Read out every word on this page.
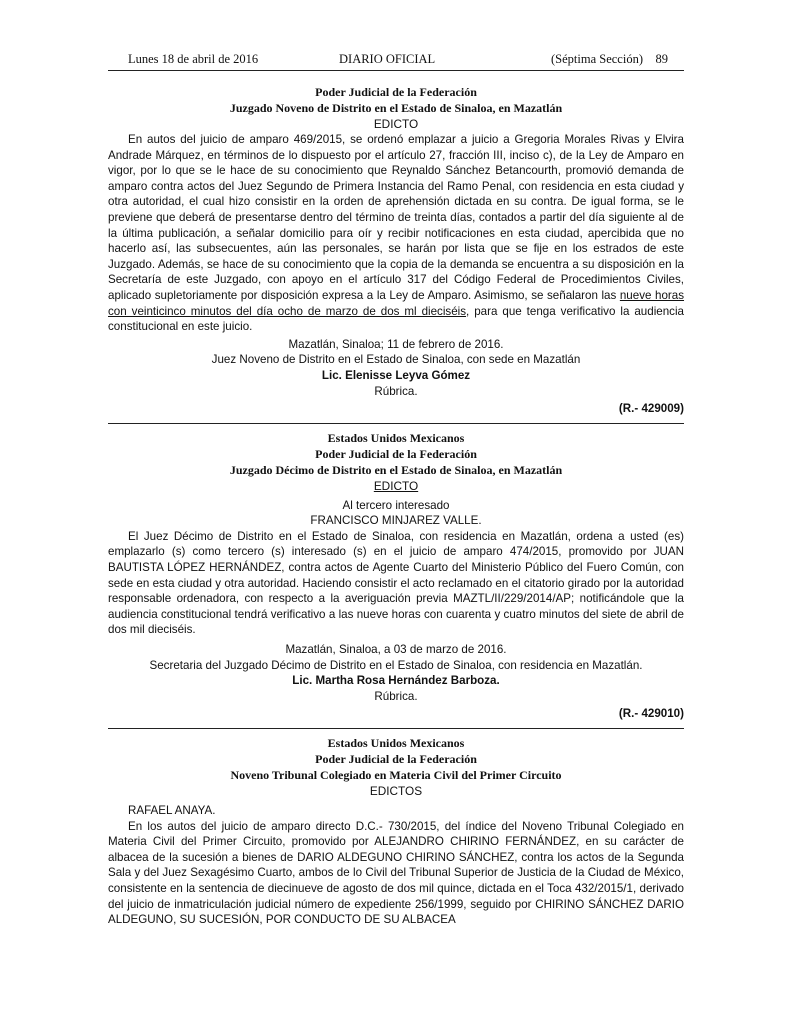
Lunes 18 de abril de 2016	DIARIO OFICIAL	(Séptima Sección) 89
Poder Judicial de la Federación
Juzgado Noveno de Distrito en el Estado de Sinaloa, en Mazatlán
EDICTO

En autos del juicio de amparo 469/2015, se ordenó emplazar a juicio a Gregoria Morales Rivas y Elvira Andrade Márquez, en términos de lo dispuesto por el artículo 27, fracción III, inciso c), de la Ley de Amparo en vigor, por lo que se le hace de su conocimiento que Reynaldo Sánchez Betancourth, promovió demanda de amparo contra actos del Juez Segundo de Primera Instancia del Ramo Penal, con residencia en esta ciudad y otra autoridad, el cual hizo consistir en la orden de aprehensión dictada en su contra. De igual forma, se le previene que deberá de presentarse dentro del término de treinta días, contados a partir del día siguiente al de la última publicación, a señalar domicilio para oír y recibir notificaciones en esta ciudad, apercibida que no hacerlo así, las subsecuentes, aún las personales, se harán por lista que se fije en los estrados de este Juzgado. Además, se hace de su conocimiento que la copia de la demanda se encuentra a su disposición en la Secretaría de este Juzgado, con apoyo en el artículo 317 del Código Federal de Procedimientos Civiles, aplicado supletoriamente por disposición expresa a la Ley de Amparo. Asimismo, se señalaron las nueve horas con veinticinco minutos del día ocho de marzo de dos ml dieciséis, para que tenga verificativo la audiencia constitucional en este juicio.

Mazatlán, Sinaloa; 11 de febrero de 2016.

Juez Noveno de Distrito en el Estado de Sinaloa, con sede en Mazatlán

Lic. Elenisse Leyva Gómez

Rúbrica.

(R.- 429009)

Estados Unidos Mexicanos
Poder Judicial de la Federación
Juzgado Décimo de Distrito en el Estado de Sinaloa, en Mazatlán
EDICTO

Al tercero interesado

FRANCISCO MINJAREZ VALLE.

El Juez Décimo de Distrito en el Estado de Sinaloa, con residencia en Mazatlán, ordena a usted (es) emplazarlo (s) como tercero (s) interesado (s) en el juicio de amparo 474/2015, promovido por JUAN BAUTISTA LÓPEZ HERNÁNDEZ, contra actos de Agente Cuarto del Ministerio Público del Fuero Común, con sede en esta ciudad y otra autoridad. Haciendo consistir el acto reclamado en el citatorio girado por la autoridad responsable ordenadora, con respecto a la averiguación previa MAZTL/II/229/2014/AP; notificándole que la audiencia constitucional tendrá verificativo a las nueve horas con cuarenta y cuatro minutos del siete de abril de dos mil dieciséis.

Mazatlán, Sinaloa, a 03 de marzo de 2016.

Secretaria del Juzgado Décimo de Distrito en el Estado de Sinaloa, con residencia en Mazatlán.

Lic. Martha Rosa Hernández Barboza.

Rúbrica.

(R.- 429010)

Estados Unidos Mexicanos
Poder Judicial de la Federación
Noveno Tribunal Colegiado en Materia Civil del Primer Circuito
EDICTOS

RAFAEL ANAYA.

En los autos del juicio de amparo directo D.C.- 730/2015, del índice del Noveno Tribunal Colegiado en Materia Civil del Primer Circuito, promovido por ALEJANDRO CHIRINO FERNÁNDEZ, en su carácter de albacea de la sucesión a bienes de DARIO ALDEGUNO CHIRINO SÁNCHEZ, contra los actos de la Segunda Sala y del Juez Sexagésimo Cuarto, ambos de lo Civil del Tribunal Superior de Justicia de la Ciudad de México, consistente en la sentencia de diecinueve de agosto de dos mil quince, dictada en el Toca 432/2015/1, derivado del juicio de inmatriculación judicial número de expediente 256/1999, seguido por CHIRINO SÁNCHEZ DARIO ALDEGUNO, SU SUCESIÓN, POR CONDUCTO DE SU ALBACEA
